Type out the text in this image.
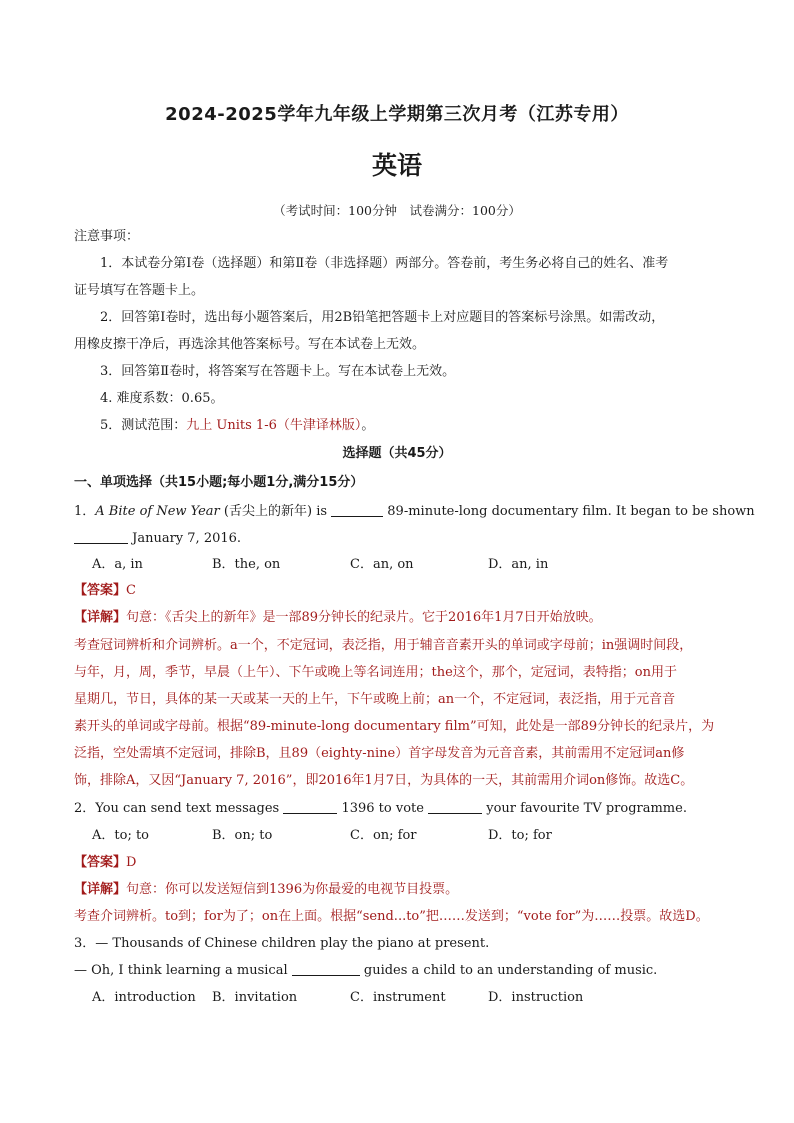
2024-2025学年九年级上学期第三次月考（江苏专用）
英语
（考试时间：100分钟　试卷满分：100分）
注意事项：
1．本试卷分第Ⅰ卷（选择题）和第Ⅱ卷（非选择题）两部分。答卷前，考生务必将自己的姓名、准考
证号填写在答题卡上。
2．回答第Ⅰ卷时，选出每小题答案后，用2B铅笔把答题卡上对应题目的答案标号涂黑。如需改动，
用橡皮擦干净后，再选涂其他答案标号。写在本试卷上无效。
3．回答第Ⅱ卷时，将答案写在答题卡上。写在本试卷上无效。
4. 难度系数：0.65。
5．测试范围：九上 Units 1-6（牛津译林版）。
选择题（共45分）
一、单项选择（共15小题;每小题1分,满分15分）
1．A Bite of New Year (舌尖上的新年) is	89-minute-long documentary film. It began to be shown
January 7, 2016.
A．a, in	B．the, on	C．an, on	D．an, in
【答案】C
【详解】句意：《舌尖上的新年》是一部89分钟长的纪录片。它于2016年1月7日开始放映。
考查冠词辨析和介词辨析。a一个，不定冠词，表泛指，用于辅音音素开头的单词或字母前；in强调时间段，
与年，月，周，季节，早晨（上午）、下午或晚上等名词连用；the这个，那个，定冠词，表特指；on用于
星期几，节日，具体的某一天或某一天的上午，下午或晚上前；an一个，不定冠词，表泛指，用于元音音
素开头的单词或字母前。根据“89-minute-long documentary film”可知，此处是一部89分钟长的纪录片，为
泛指，空处需填不定冠词，排除B，且89（eighty-nine）首字母发音为元音音素，其前需用不定冠词an修
饰，排除A，又因“January 7, 2016”，即2016年1月7日，为具体的一天，其前需用介词on修饰。故选C。
2．You can send text messages	1396 to vote	your favourite TV programme.
A．to; to	B．on; to	C．on; for	D．to; for
【答案】D
【详解】句意：你可以发送短信到1396为你最爱的电视节目投票。
考查介词辨析。to到；for为了；on在上面。根据“send...to”把……发送到；“vote for”为……投票。故选D。
3．— Thousands of Chinese children play the piano at present.
— Oh, I think learning a musical	guides a child to an understanding of music.
A．introduction B．invitation	C．instrument	D．instruction
